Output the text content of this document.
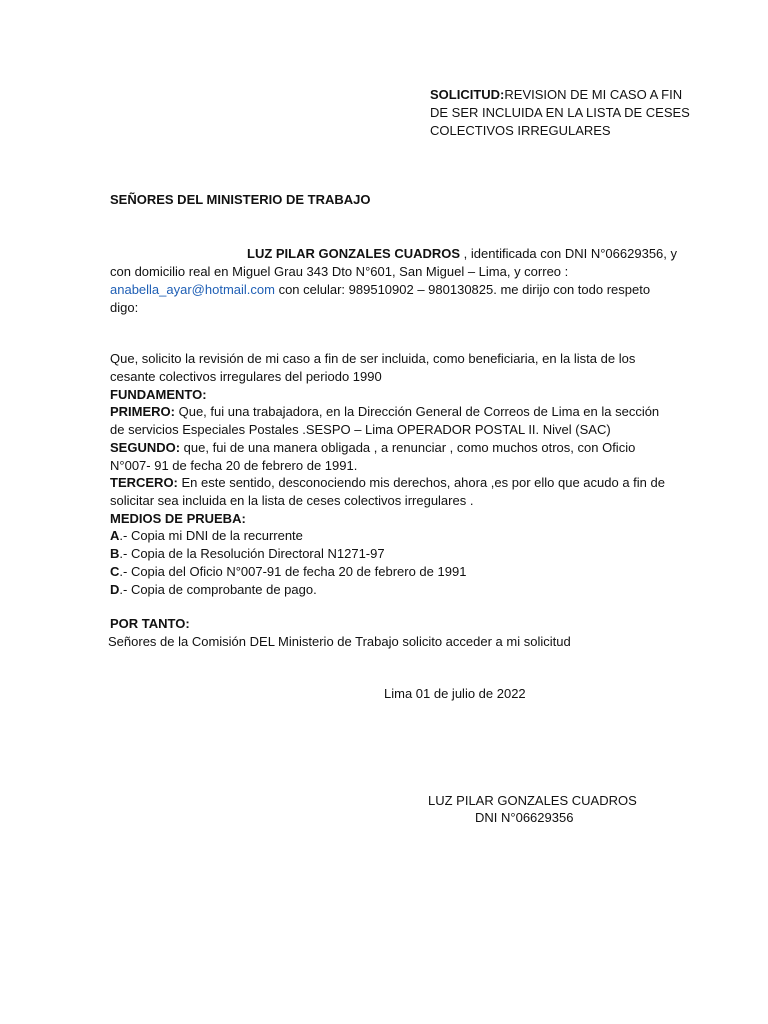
SOLICITUD:REVISION DE MI CASO A FIN
DE SER INCLUIDA EN LA LISTA DE CESES
COLECTIVOS IRREGULARES
SEÑORES DEL MINISTERIO DE TRABAJO
LUZ PILAR GONZALES CUADROS , identificada con DNI N°06629356, y
con domicilio real en Miguel Grau 343 Dto N°601, San Miguel – Lima, y correo :
anabella_ayar@hotmail.com con celular: 989510902 – 980130825. me dirijo con todo respeto
digo:
Que, solicito la revisión de mi caso a fin de ser incluida, como beneficiaria, en la lista de los
cesante colectivos irregulares del periodo 1990
FUNDAMENTO:
PRIMERO: Que, fui una trabajadora, en la Dirección General de Correos de Lima en la sección
de servicios Especiales Postales .SESPO – Lima OPERADOR POSTAL II. Nivel (SAC)
SEGUNDO: que, fui de una manera obligada , a renunciar , como muchos otros, con Oficio
N°007- 91 de fecha 20 de febrero de 1991.
TERCERO: En este sentido, desconociendo mis derechos, ahora ,es por ello que acudo a fin de
solicitar sea incluida en la lista de ceses colectivos irregulares .
MEDIOS DE PRUEBA:
A.- Copia mi DNI de la recurrente
B.- Copia de la Resolución Directoral N1271-97
C.- Copia del Oficio N°007-91 de fecha 20 de febrero de 1991
D.- Copia de comprobante de pago.
POR TANTO:
Señores de la Comisión DEL Ministerio de Trabajo solicito acceder a mi solicitud
Lima 01 de julio de 2022
LUZ PILAR GONZALES CUADROS
DNI N°06629356
